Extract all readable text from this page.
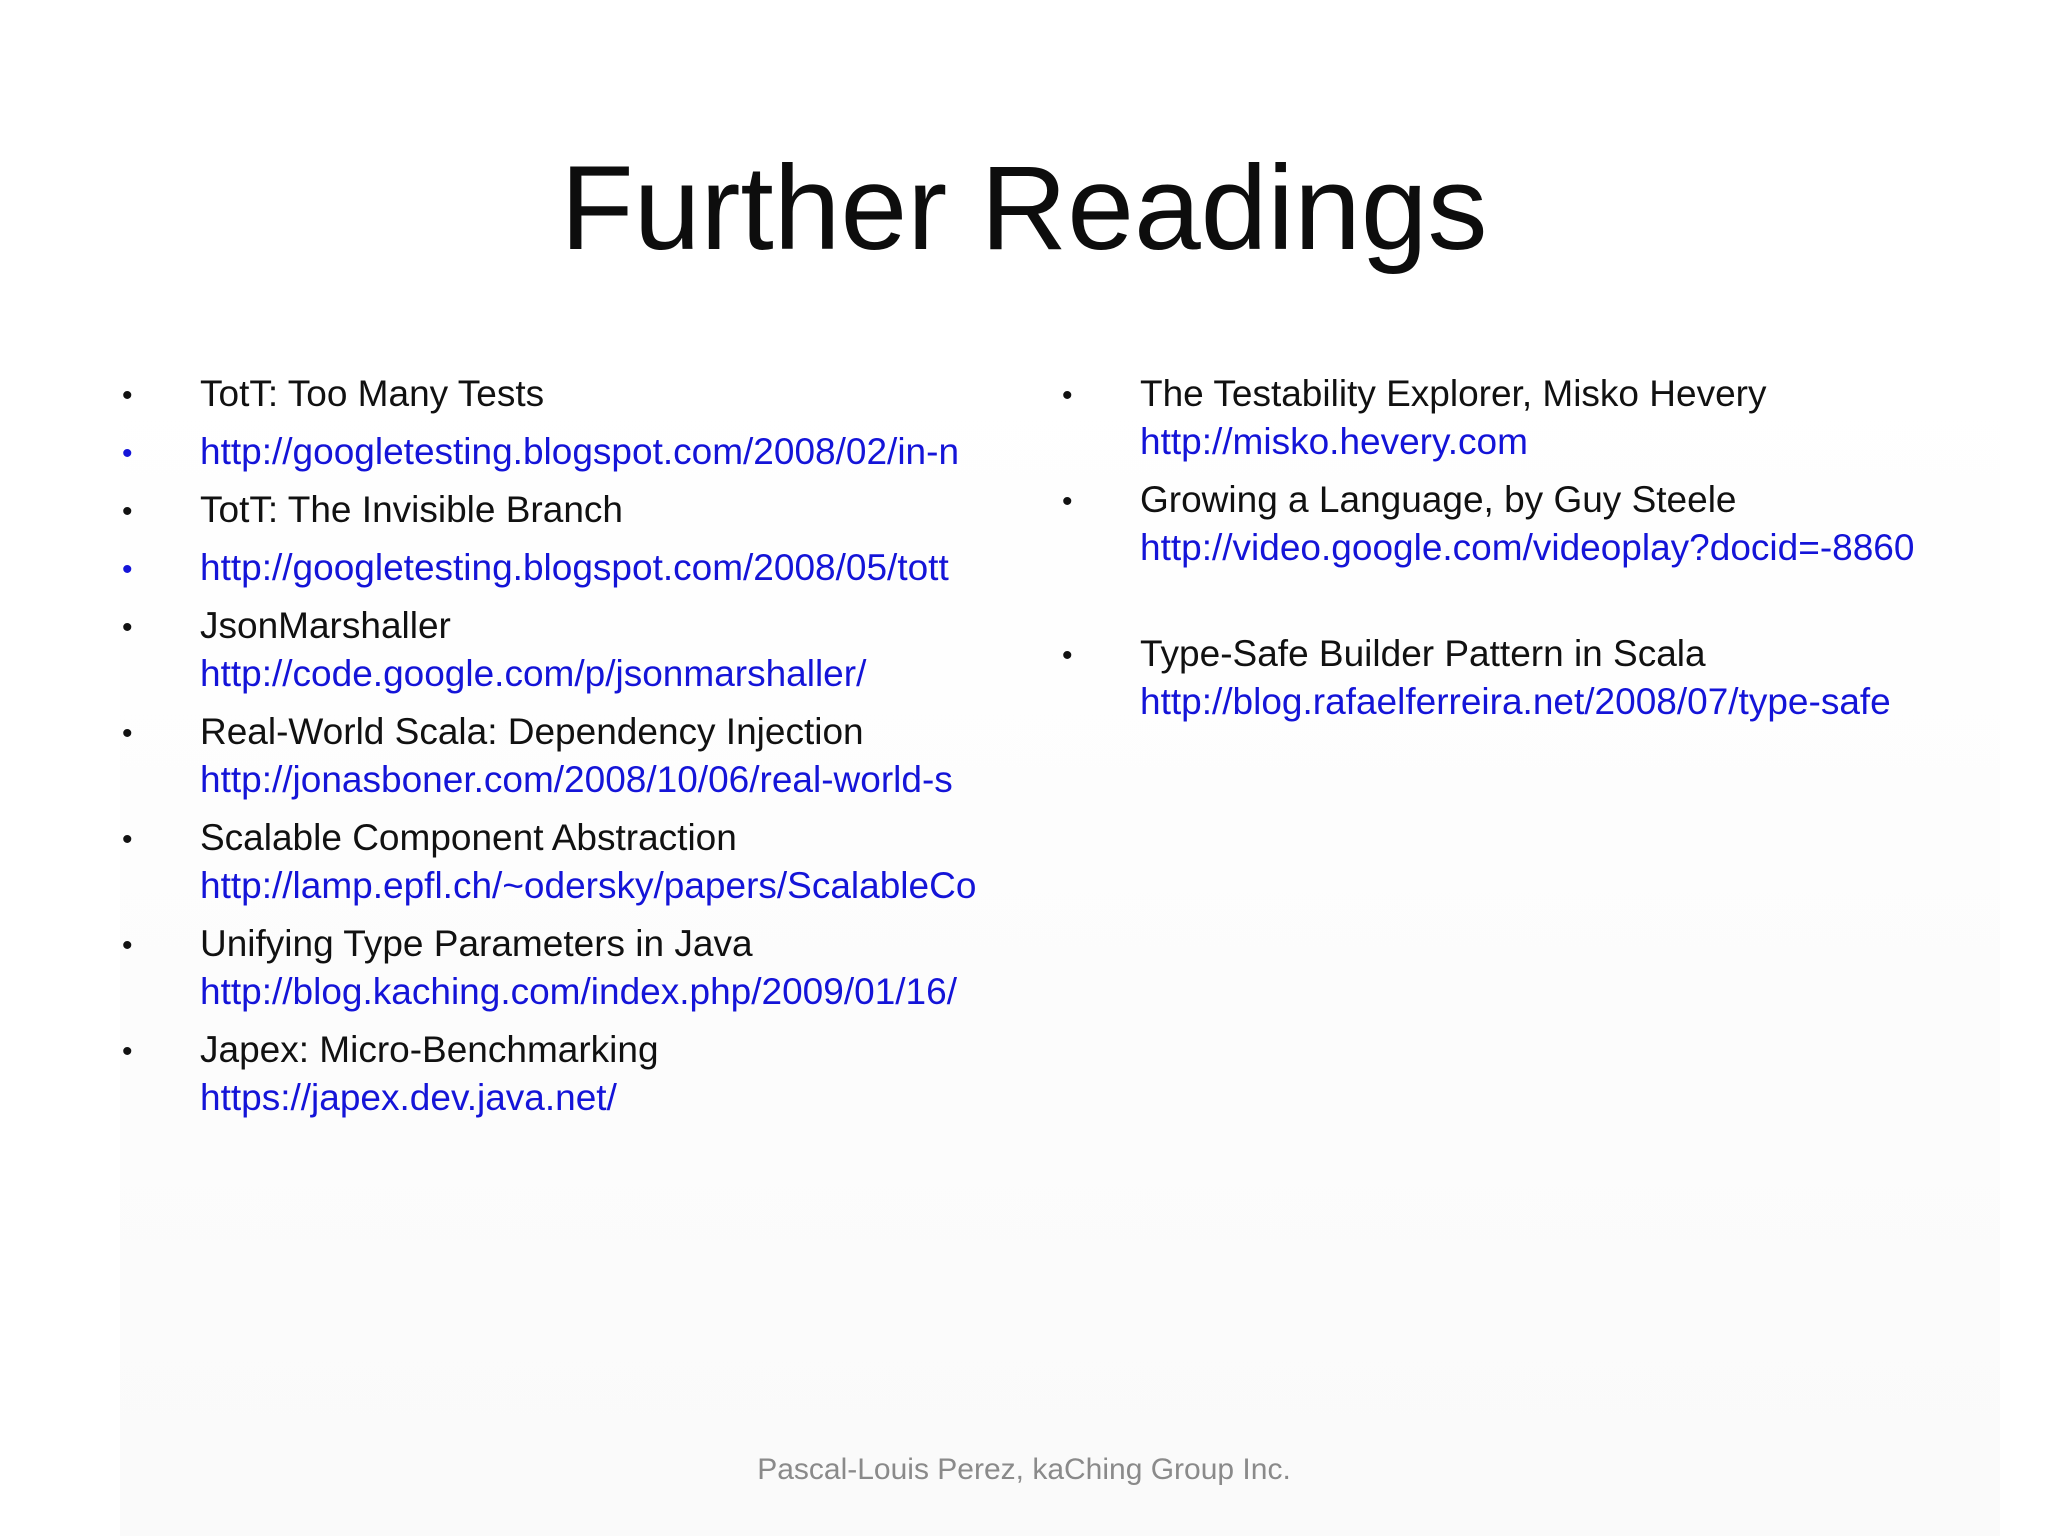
Further Readings
• TotT: Too Many Tests
• http://googletesting.blogspot.com/2008/02/in-n
• TotT: The Invisible Branch
• http://googletesting.blogspot.com/2008/05/tott
• JsonMarshaller
http://code.google.com/p/jsonmarshaller/
• Real-World Scala: Dependency Injection
http://jonasboner.com/2008/10/06/real-world-s
• Scalable Component Abstraction
http://lamp.epfl.ch/~odersky/papers/ScalableCo
• Unifying Type Parameters in Java
http://blog.kaching.com/index.php/2009/01/16/
• Japex: Micro-Benchmarking
https://japex.dev.java.net/
• The Testability Explorer, Misko Hevery
http://misko.hevery.com
• Growing a Language, by Guy Steele
http://video.google.com/videoplay?docid=-8860
• Type-Safe Builder Pattern in Scala
http://blog.rafaelferreira.net/2008/07/type-safe
Pascal-Louis Perez, kaChing Group Inc.
